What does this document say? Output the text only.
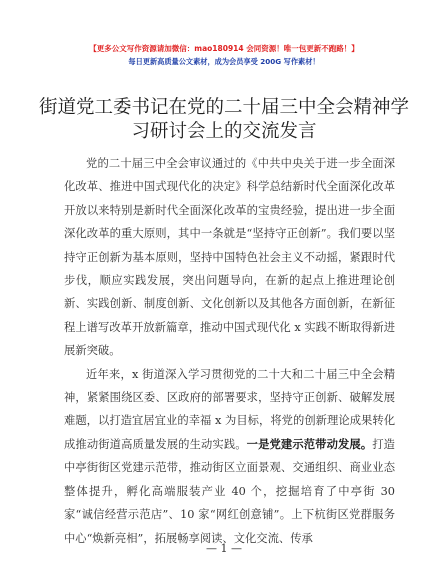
【更多公文写作资源请加微信：mao180914 会同资源！唯一包更新不跑路！】
每日更新高质量公文素材，成为会员享受 200G 写作素材！
街道党工委书记在党的二十届三中全会精神学
习研讨会上的交流发言

党的二十届三中全会审议通过的《中共中央关于进一步全面深化改革、推进中国式现代化的决定》科学总结新时代全面深化改革开放以来特别是新时代全面深化改革的宝贵经验，提出进一步全面深化改革的重大原则，其中一条就是“坚持守正创新”。我们要以坚持守正创新为基本原则，坚持中国特色社会主义不动摇，紧跟时代步伐，顺应实践发展，突出问题导向，在新的起点上推进理论创新、实践创新、制度创新、文化创新以及其他各方面创新，在新征程上谱写改革开放新篇章，推动中国式现代化 x 实践不断取得新进展新突破。

近年来，x 街道深入学习贯彻党的二十大和二十届三中全会精神，紧紧围绕区委、区政府的部署要求，坚持守正创新、破解发展难题，以打造宜居宜业的幸福 x 为目标，将党的创新理论成果转化成推动街道高质量发展的生动实践。一是党建示范带动发展。打造中亭街街区党建示范带，推动街区立面景观、交通组织、商业业态整体提升，孵化高端服装产业 40 个，挖掘培育了中亭街 30 家“诚信经营示范店”、10 家“网红创意铺”。上下杭街区党群服务中心“焕新亮相”，拓展畅享阅读、文化交流、传承

— 1 —
